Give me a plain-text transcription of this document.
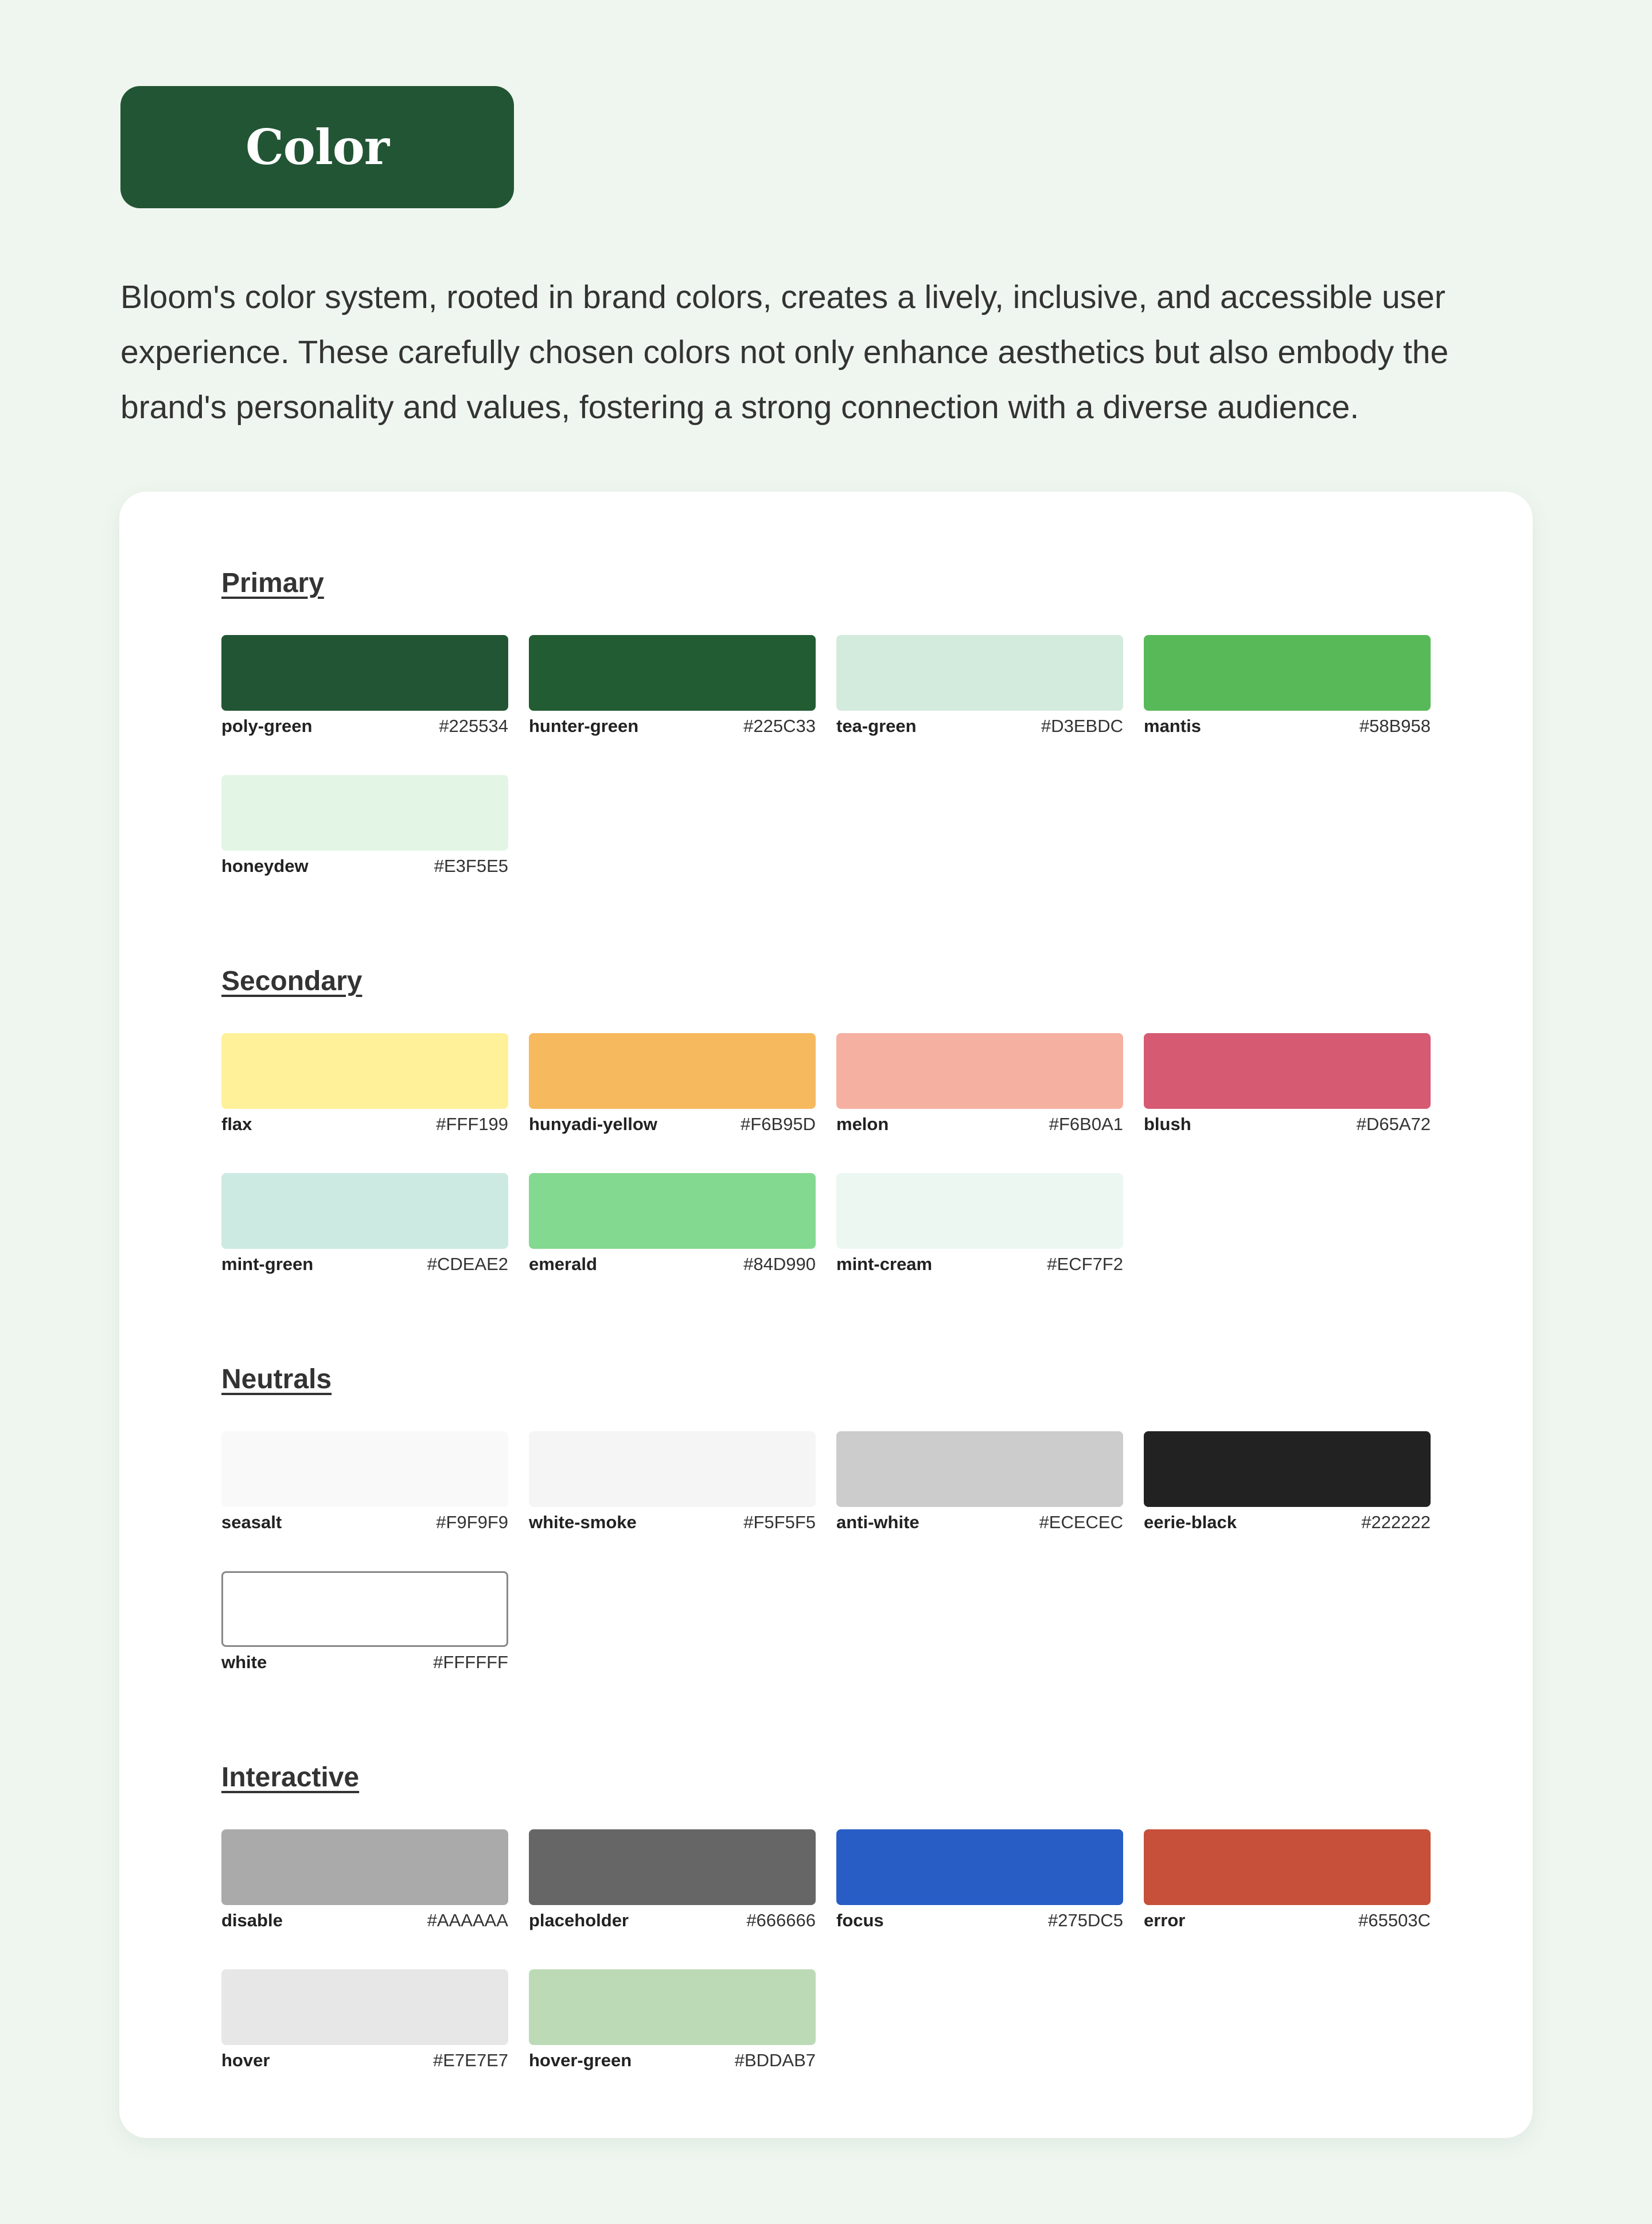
Color

Bloom's color system, rooted in brand colors, creates a lively, inclusive, and accessible user experience. These carefully chosen colors not only enhance aesthetics but also embody the brand's personality and values, fostering a strong connection with a diverse audience.

Primary
poly-green	#225534 hunter-green	#225C33 tea-green	#D3EBDC mantis	#58B958
honeydew	#E3F5E5
Secondary
flax	#FFF199 hunyadi-yellow	#F6B95D melon	#F6B0A1 blush	#D65A72
mint-green	#CDEAE2 emerald	#84D990 mint-cream	#ECF7F2
Neutrals
seasalt	#F9F9F9 white-smoke	#F5F5F5 anti-white	#ECECEC eerie-black	#222222
white	#FFFFFF
Interactive
disable	#AAAAAA placeholder	#666666 focus	#275DC5 error	#65503C
hover	#E7E7E7 hover-green	#BDDAB7
